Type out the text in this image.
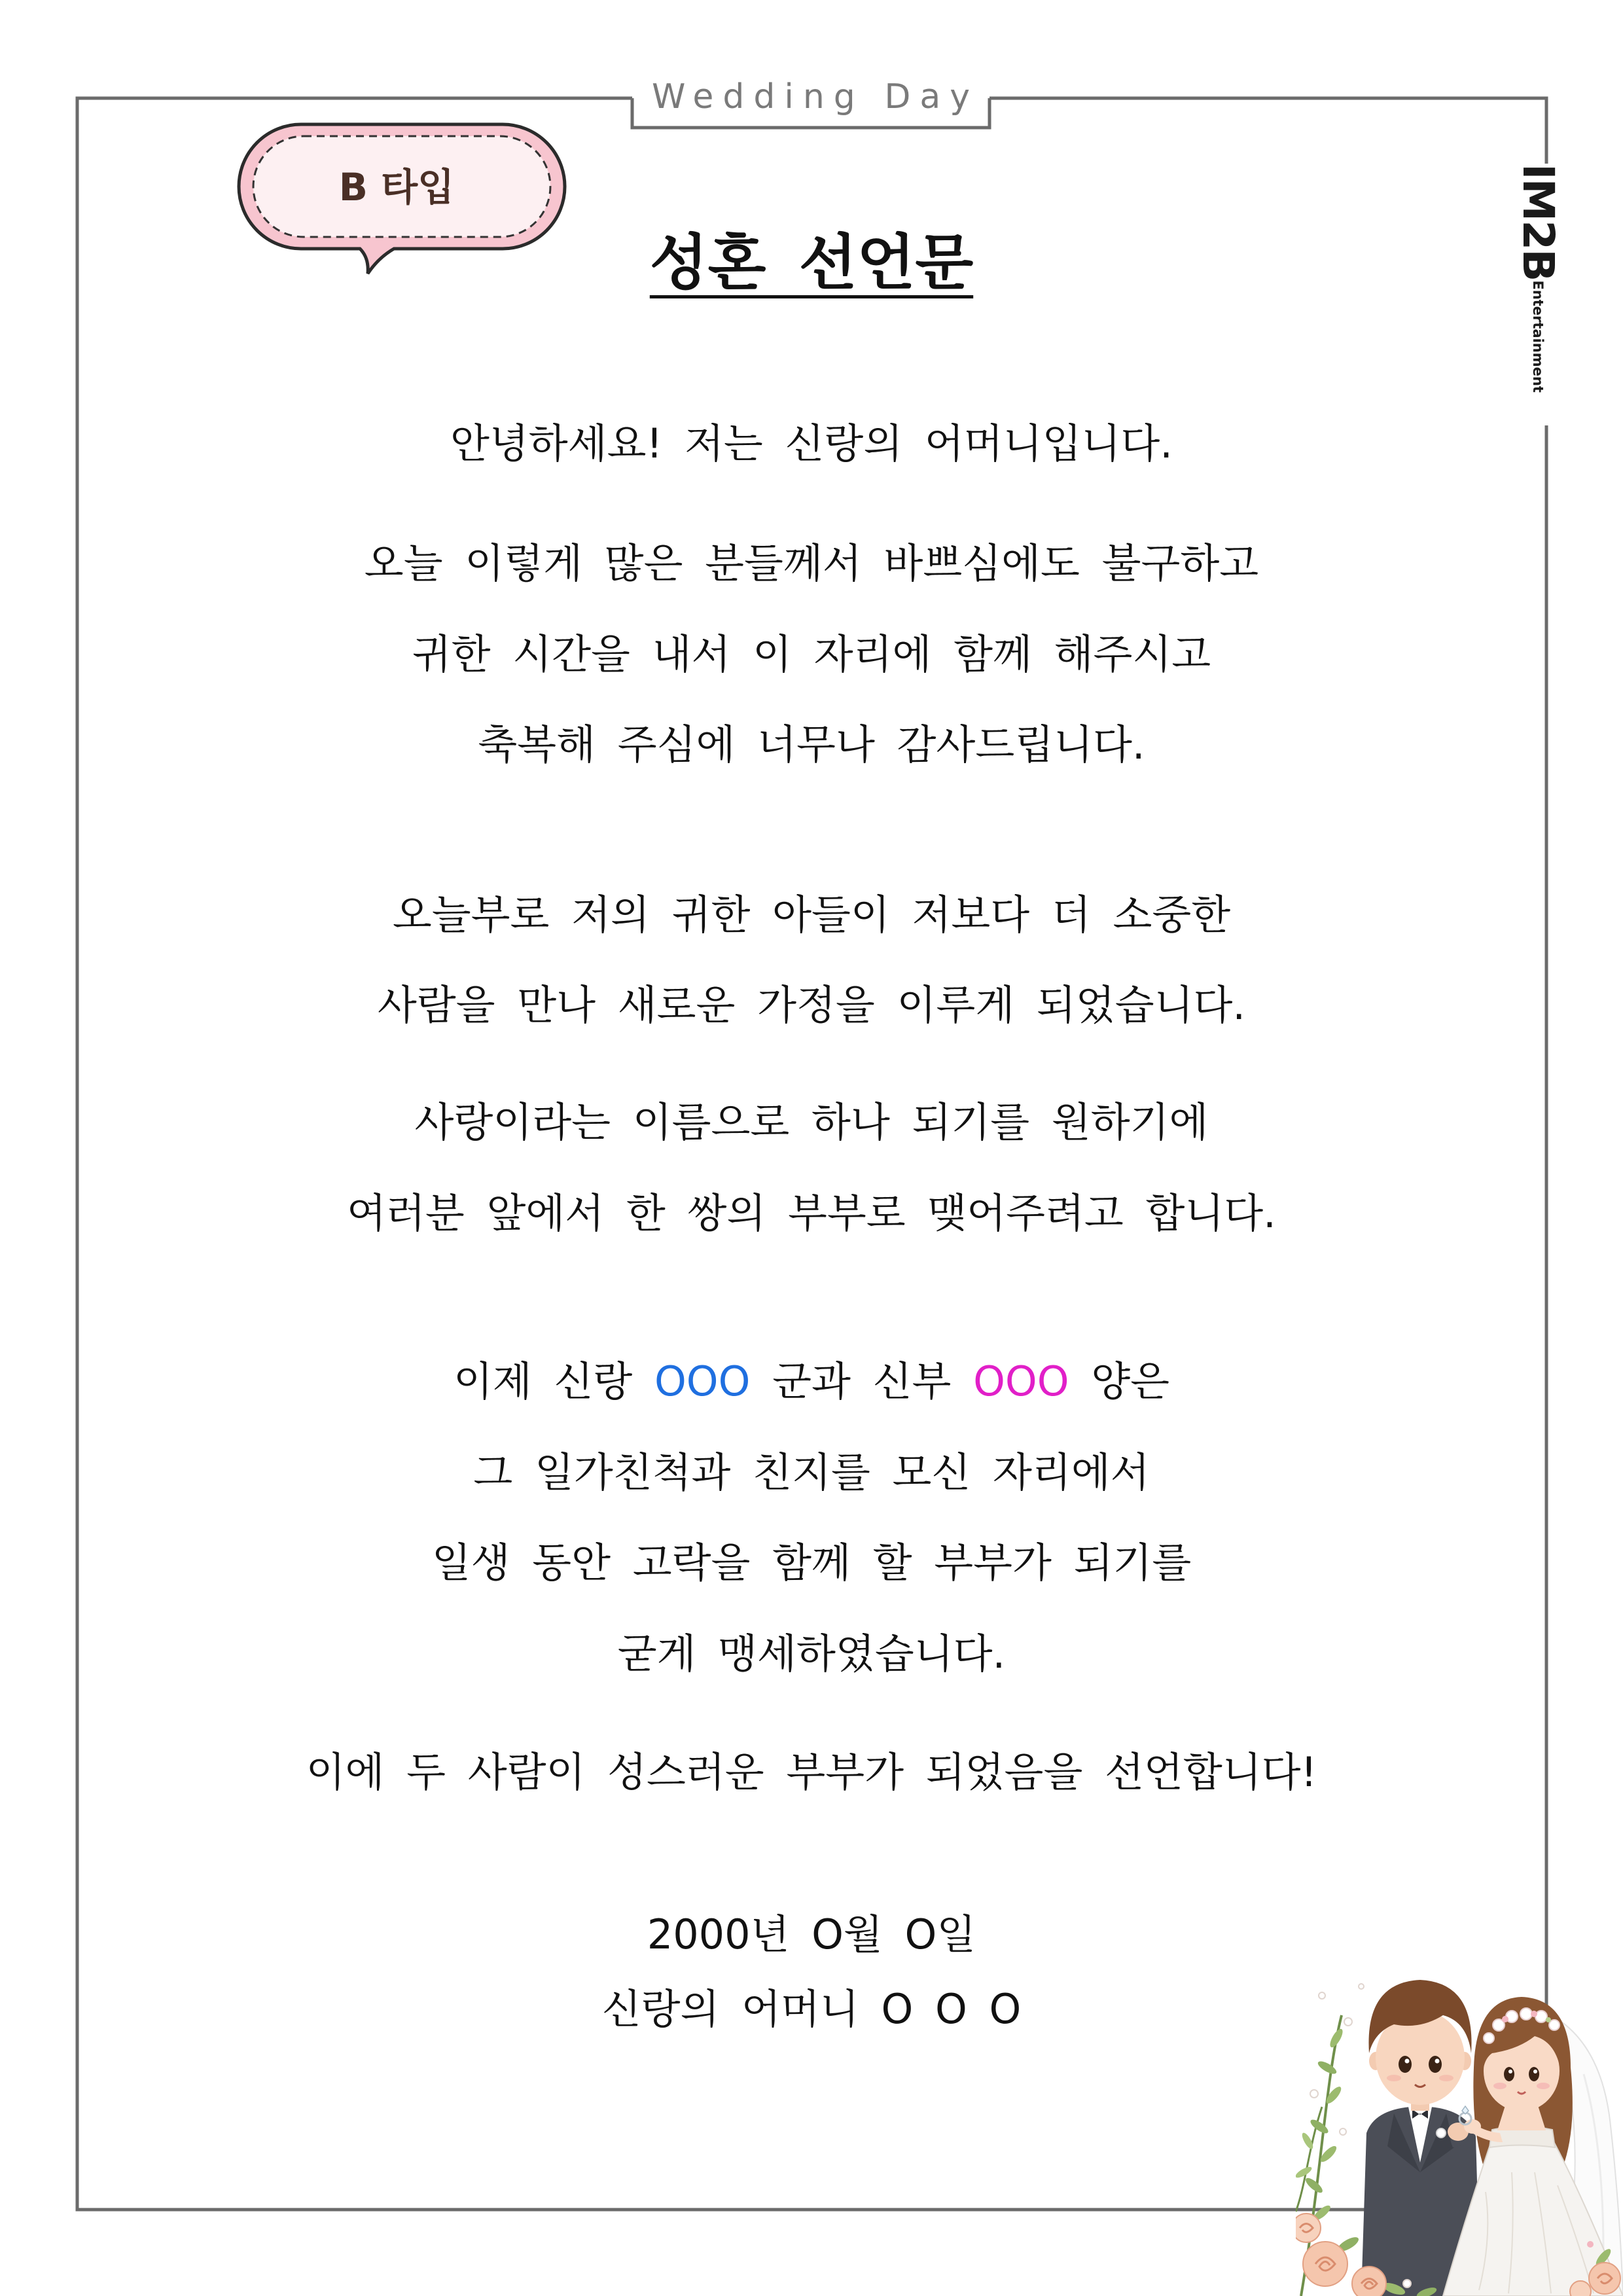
Wedding Day
B 타입
성혼 선언문	IM2BEntertainment
안녕하세요! 저는 신랑의 어머니입니다.
오늘 이렇게 많은 분들께서 바쁘심에도 불구하고
귀한 시간을 내서 이 자리에 함께 해주시고
축복해 주심에 너무나 감사드립니다.
오늘부로 저의 귀한 아들이 저보다 더 소중한
사람을 만나 새로운 가정을 이루게 되었습니다.
사랑이라는 이름으로 하나 되기를 원하기에
여러분 앞에서 한 쌍의 부부로 맺어주려고 합니다.
이제 신랑 OOO 군과 신부 OOO 양은
그 일가친척과 친지를 모신 자리에서
일생 동안 고락을 함께 할 부부가 되기를
굳게 맹세하였습니다.
이에 두 사람이 성스러운 부부가 되었음을 선언합니다!
2000년 O월 O일
신랑의 어머니 O O O
